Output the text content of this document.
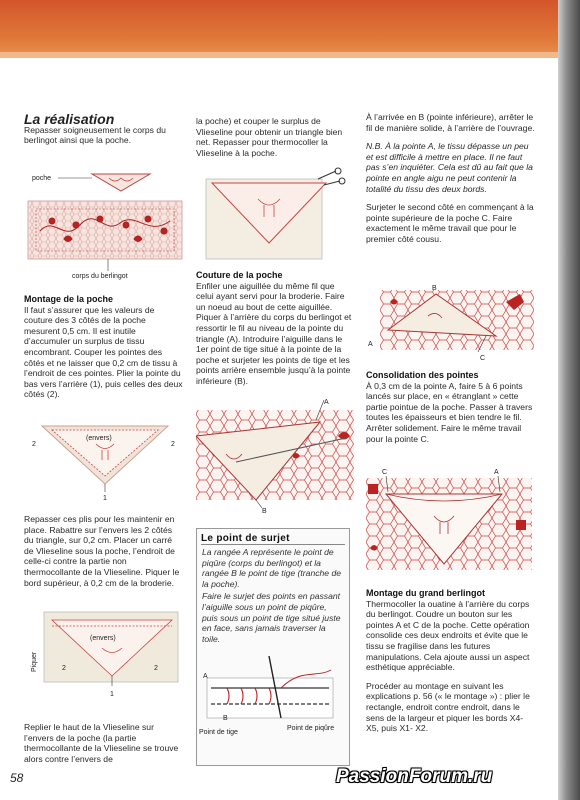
La réalisation

Repasser soigneusement le corps du berlingot ainsi que la poche.

poche
corps du berlingot
Montage de la poche

Il faut s’assurer que les valeurs de couture des 3 côtés de la poche mesurent 0,5 cm. Il est inutile d’accumuler un surplus de tissu encombrant. Couper les pointes des côtés et ne laisser que 0,2 cm de tissu à l’endroit de ces pointes. Plier la pointe du bas vers l’arrière (1), puis celles des deux côtés (2).

(envers)
2	2
1

Repasser ces plis pour les maintenir en place. Rabattre sur l’envers les 2 côtés du triangle, sur 0,2 cm. Placer un carré de Vlieseline sous la poche, l’endroit de celle-ci contre la partie non thermocollante de la Vlieseline. Piquer le bord supérieur, à 0,2 cm de la broderie.

(envers)
Piquer	2	2
1

Replier le haut de la Vlieseline sur l’envers de la poche (la partie thermocollante de la Vlieseline se trouve alors contre l’envers de

la poche) et couper le surplus de Vlieseline pour obtenir un triangle bien net. Repasser pour thermocoller la Vlieseline à la poche.

Couture de la poche

Enfiler une aiguillée du même fil que celui ayant servi pour la broderie. Faire un noeud au bout de cette aiguillée. Piquer à l’arrière du corps du berlingot et ressortir le fil au niveau de la pointe du triangle (A). Introduire l’aiguille dans le 1er point de tige situé à la pointe de la poche et surjeter les points de tige et les points arrière ensemble jusqu’à la pointe inférieure (B).

A
B
Le point de surjet

La rangée A représente le point de piqûre (corps du berlingot) et la rangée B le point de tige (tranche de la poche).

Faire le surjet des points en passant l’aiguille sous un point de piqûre, puis sous un point de tige situé juste en face, sans jamais traverser la toile.

A
B
Point de tige
Point de piqûre

À l’arrivée en B (pointe inférieure), arrêter le fil de manière solide, à l’arrière de l’ouvrage.

N.B. À la pointe A, le tissu dépasse un peu et est difficile à mettre en place. Il ne faut pas s’en inquiéter. Cela est dû au fait que la pointe en angle aigu ne peut contenir la totalité du tissu des deux bords.

Surjeter le second côté en commençant à la pointe supérieure de la poche C. Faire exactement le même travail que pour le premier côté cousu.

B
A
C
Consolidation des pointes

À 0,3 cm de la pointe A, faire 5 à 6 points lancés sur place, en « étranglant » cette partie pointue de la poche. Passer à travers toutes les épaisseurs et bien tendre le fil. Arrêter solidement. Faire le même travail pour la pointe C.

C	A
Montage du grand berlingot

Thermocoller la ouatine à l’arrière du corps du berlingot. Coudre un bouton sur les pointes A et C de la poche. Cette opération consolide ces deux endroits et évite que le tissu se fragilise dans les futures manipulations. Cela ajoute aussi un aspect esthétique appréciable.

Procéder au montage en suivant les explications p. 56 (« le montage ») : plier le rectangle, endroit contre endroit, dans le sens de la largeur et piquer les bords X4-X5, puis X1- X2.

58	PassionForum.ru
